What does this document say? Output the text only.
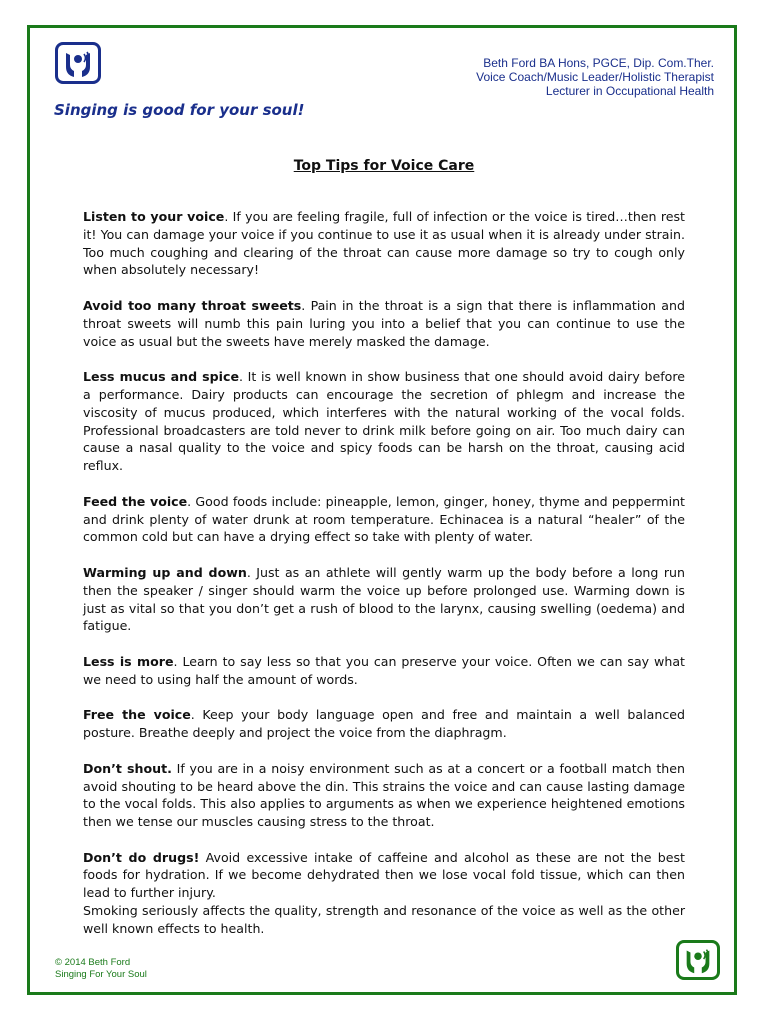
Beth Ford BA Hons, PGCE, Dip. Com.Ther.
Voice Coach/Music Leader/Holistic Therapist
Lecturer in Occupational Health
Singing is good for your soul!
Top Tips for Voice Care

Listen to your voice. If you are feeling fragile, full of infection or the voice is tired…then rest it! You can damage your voice if you continue to use it as usual when it is already under strain. Too much coughing and clearing of the throat can cause more damage so try to cough only when absolutely necessary!

Avoid too many throat sweets. Pain in the throat is a sign that there is inflammation and throat sweets will numb this pain luring you into a belief that you can continue to use the voice as usual but the sweets have merely masked the damage.

Less mucus and spice. It is well known in show business that one should avoid dairy before a performance. Dairy products can encourage the secretion of phlegm and increase the viscosity of mucus produced, which interferes with the natural working of the vocal folds. Professional broadcasters are told never to drink milk before going on air. Too much dairy can cause a nasal quality to the voice and spicy foods can be harsh on the throat, causing acid reflux.

Feed the voice. Good foods include: pineapple, lemon, ginger, honey, thyme and peppermint and drink plenty of water drunk at room temperature. Echinacea is a natural “healer” of the common cold but can have a drying effect so take with plenty of water.

Warming up and down. Just as an athlete will gently warm up the body before a long run then the speaker / singer should warm the voice up before prolonged use. Warming down is just as vital so that you don’t get a rush of blood to the larynx, causing swelling (oedema) and fatigue.

Less is more. Learn to say less so that you can preserve your voice. Often we can say what we need to using half the amount of words.

Free the voice. Keep your body language open and free and maintain a well balanced posture. Breathe deeply and project the voice from the diaphragm.

Don’t shout. If you are in a noisy environment such as at a concert or a football match then avoid shouting to be heard above the din. This strains the voice and can cause lasting damage to the vocal folds. This also applies to arguments as when we experience heightened emotions then we tense our muscles causing stress to the throat.

Don’t do drugs! Avoid excessive intake of caffeine and alcohol as these are not the best foods for hydration. If we become dehydrated then we lose vocal fold tissue, which can then lead to further injury.

Smoking seriously affects the quality, strength and resonance of the voice as well as the other well known effects to health.

© 2014 Beth Ford
Singing For Your Soul
